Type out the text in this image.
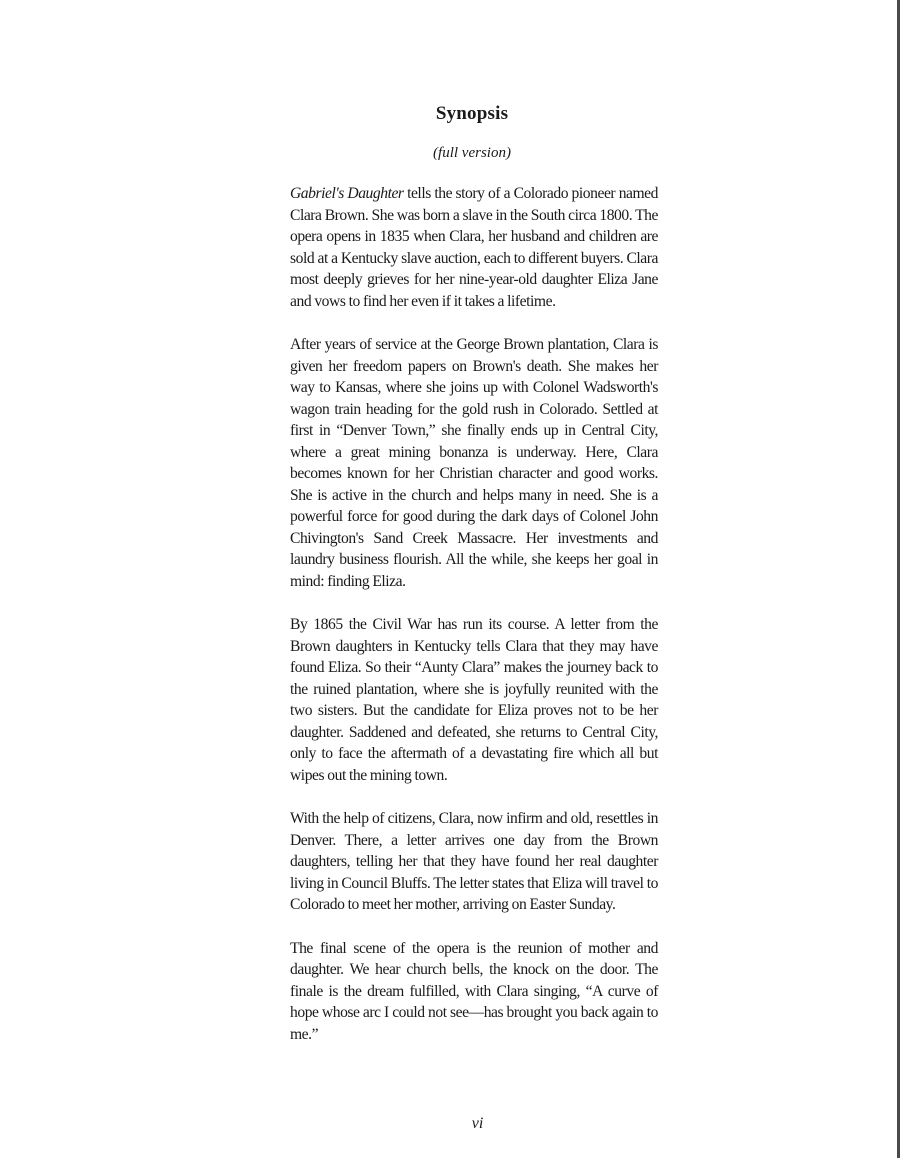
Synopsis
(full version)

Gabriel's Daughter tells the story of a Colorado pioneer named Clara Brown. She was born a slave in the South circa 1800. The opera opens in 1835 when Clara, her husband and children are sold at a Kentucky slave auction, each to different buyers. Clara most deeply grieves for her nine-year-old daughter Eliza Jane and vows to find her even if it takes a lifetime.

After years of service at the George Brown plantation, Clara is given her freedom papers on Brown's death. She makes her way to Kansas, where she joins up with Colonel Wadsworth's wagon train heading for the gold rush in Colorado. Settled at first in “Denver Town,” she finally ends up in Central City, where a great mining bonanza is underway. Here, Clara becomes known for her Christian character and good works. She is active in the church and helps many in need. She is a powerful force for good during the dark days of Colonel John Chivington's Sand Creek Massacre. Her investments and laundry business flourish. All the while, she keeps her goal in mind: finding Eliza.

By 1865 the Civil War has run its course. A letter from the Brown daughters in Kentucky tells Clara that they may have found Eliza. So their “Aunty Clara” makes the journey back to the ruined plantation, where she is joyfully reunited with the two sisters. But the candidate for Eliza proves not to be her daughter. Saddened and defeated, she returns to Central City, only to face the aftermath of a devastating fire which all but wipes out the mining town.

With the help of citizens, Clara, now infirm and old, resettles in Denver. There, a letter arrives one day from the Brown daughters, telling her that they have found her real daughter living in Council Bluffs. The letter states that Eliza will travel to Colorado to meet her mother, arriving on Easter Sunday.

The final scene of the opera is the reunion of mother and daughter. We hear church bells, the knock on the door. The finale is the dream fulfilled, with Clara singing, “A curve of hope whose arc I could not see—has brought you back again to me.”

vi
